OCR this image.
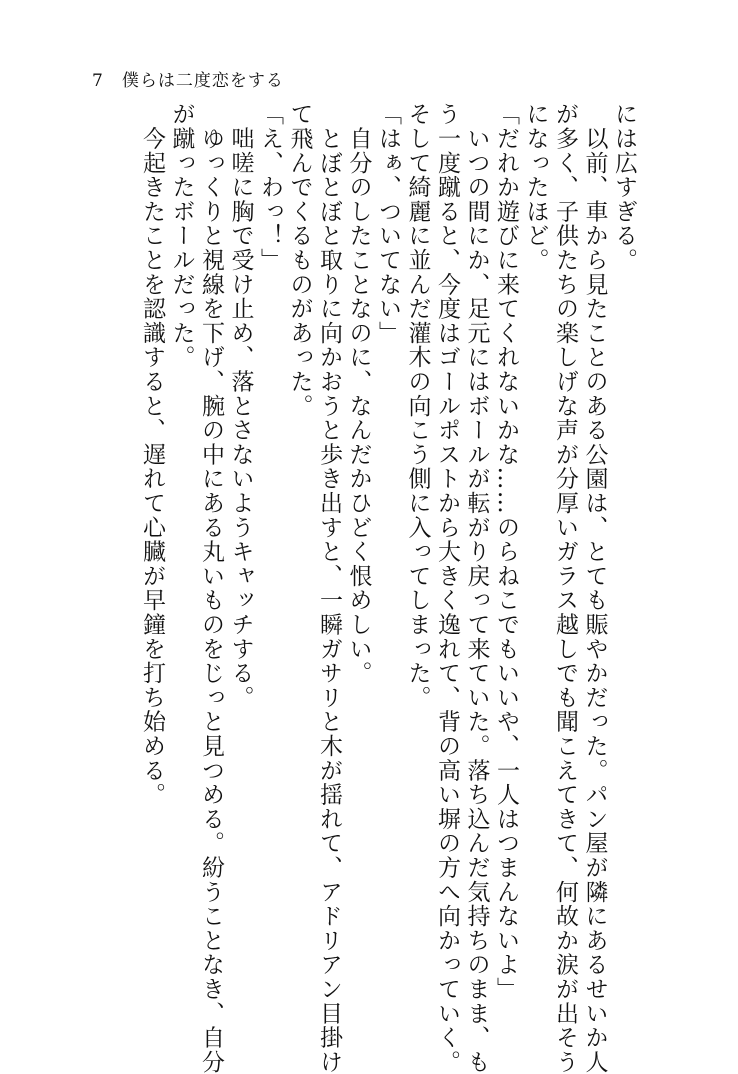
7 僕らは二度恋をする

には広すぎる。

　以前、車から見たことのある公園は、とても賑やかだった。パン屋が隣にあるせいか人

が多く、子供たちの楽しげな声が分厚いガラス越しでも聞こえてきて、何故か涙が出そう

になったほど。

「だれか遊びに来てくれないかな……のらねこでもいいや、一人はつまんないよ」

　いつの間にか、足元にはボールが転がり戻って来ていた。落ち込んだ気持ちのまま、も

う一度蹴ると、今度はゴールポストから大きく逸れて、背の高い塀の方へ向かっていく。

そして綺麗に並んだ灌木の向こう側に入ってしまった。

「はぁ、ついてない」

　自分のしたことなのに、なんだかひどく恨めしい。

　とぼとぼと取りに向かおうと歩き出すと、一瞬ガサリと木が揺れて、アドリアン目掛け

て飛んでくるものがあった。

「え、わっ！」

　咄嗟に胸で受け止め、落とさないようキャッチする。

　ゆっくりと視線を下げ、腕の中にある丸いものをじっと見つめる。紛うことなき、自分

が蹴ったボールだった。

　今起きたことを認識すると、遅れて心臓が早鐘を打ち始める。
